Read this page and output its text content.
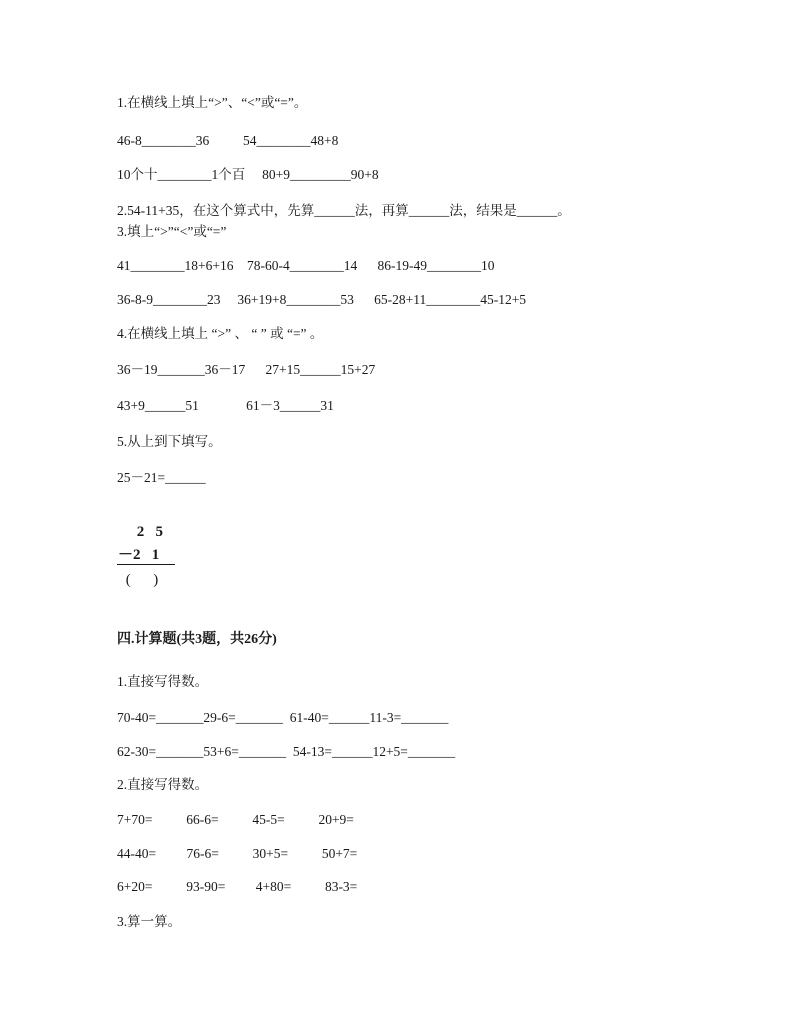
1.在横线上填上“>”、“<”或“=”。
46-8________36          54________48+8
10个十________1个百     80+9_________90+8
2.54-11+35，在这个算式中，先算______法，再算______法，结果是______。
3.填上“>”“<”或“=”
41________18+6+16    78-60-4________14      86-19-49________10
36-8-9________23     36+19+8________53      65-28+11________45-12+5
4.在横线上填上 “>” 、 “ ” 或 “=” 。
36－19_______36－17      27+15______15+27
43+9______51              61－3______31
5.从上到下填写。
25－21=______
2   5
－2   1
(      )
四.计算题(共3题，共26分)
1.直接写得数。
70-40=_______29-6=_______  61-40=______11-3=_______
62-30=_______53+6=_______  54-13=______12+5=_______
2.直接写得数。
7+70=          66-6=          45-5=          20+9=
44-40=         76-6=          30+5=          50+7=
6+20=          93-90=         4+80=          83-3=
3.算一算。
